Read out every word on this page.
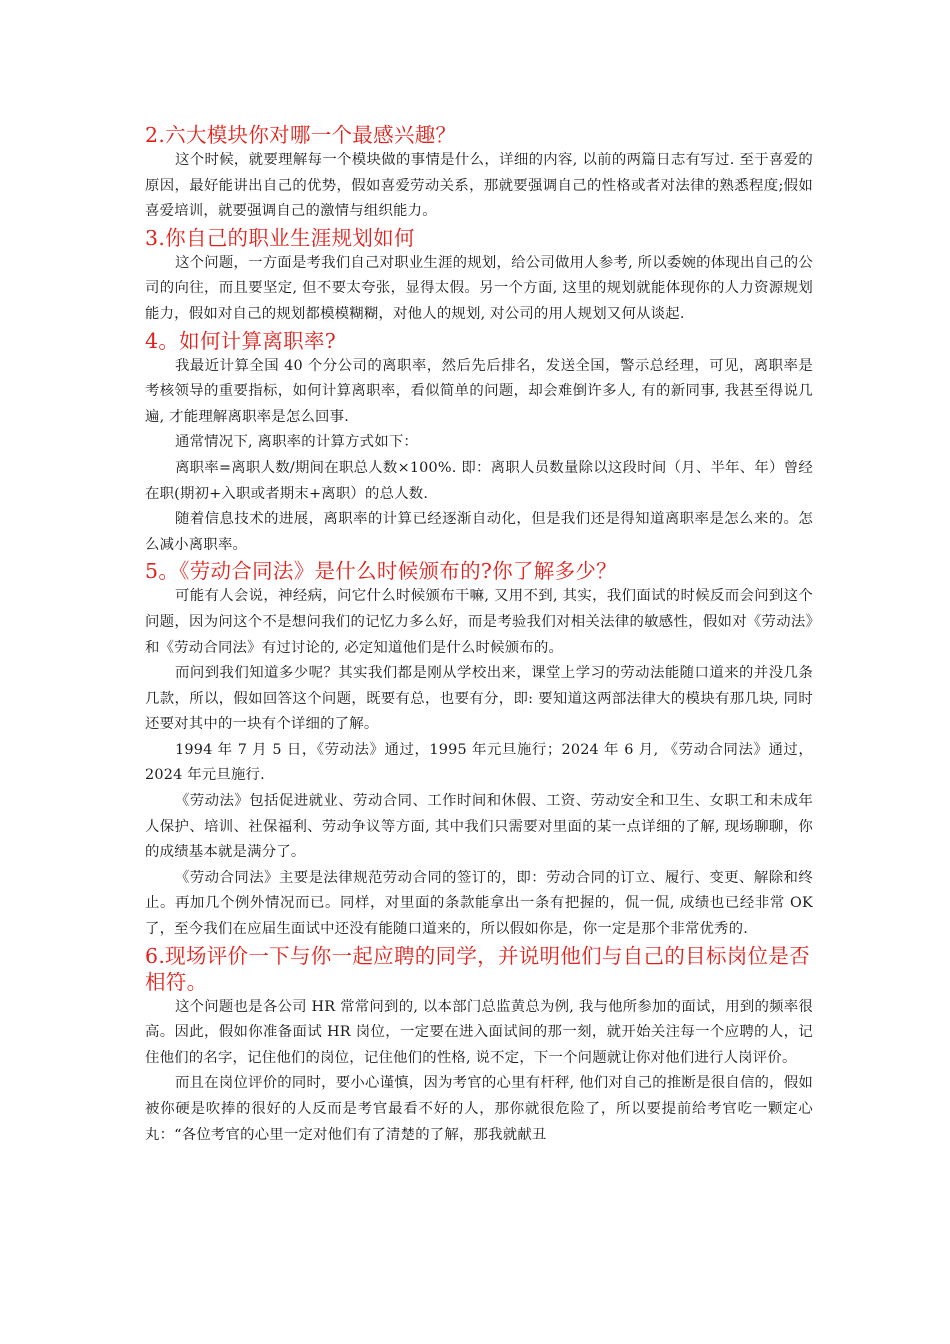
2.六大模块你对哪一个最感兴趣？

这个时候，就要理解每一个模块做的事情是什么，详细的内容, 以前的两篇日志有写过. 至于喜爱的原因，最好能讲出自己的优势，假如喜爱劳动关系，那就要强调自己的性格或者对法律的熟悉程度;假如喜爱培训，就要强调自己的激情与组织能力。

3.你自己的职业生涯规划如何

这个问题，一方面是考我们自己对职业生涯的规划，给公司做用人参考, 所以委婉的体现出自己的公司的向往，而且要坚定, 但不要太夸张，显得太假。另一个方面, 这里的规划就能体现你的人力资源规划能力，假如对自己的规划都模模糊糊，对他人的规划, 对公司的用人规划又何从谈起.

4。如何计算离职率?

我最近计算全国 40 个分公司的离职率，然后先后排名，发送全国，警示总经理，可见，离职率是考核领导的重要指标，如何计算离职率，看似简单的问题，却会难倒许多人, 有的新同事, 我甚至得说几遍, 才能理解离职率是怎么回事.

通常情况下, 离职率的计算方式如下：

离职率=离职人数/期间在职总人数×100%. 即：离职人员数量除以这段时间（月、半年、年）曾经在职(期初+入职或者期末+离职）的总人数.

随着信息技术的进展，离职率的计算已经逐渐自动化，但是我们还是得知道离职率是怎么来的。怎么减小离职率。

5。《劳动合同法》是什么时候颁布的?你了解多少？

可能有人会说，神经病，问它什么时候颁布干嘛, 又用不到, 其实，我们面试的时候反而会问到这个问题，因为问这个不是想问我们的记忆力多么好，而是考验我们对相关法律的敏感性，假如对《劳动法》和《劳动合同法》有过讨论的, 必定知道他们是什么时候颁布的。

而问到我们知道多少呢？其实我们都是刚从学校出来，课堂上学习的劳动法能随口道来的并没几条几款，所以，假如回答这个问题，既要有总，也要有分，即: 要知道这两部法律大的模块有那几块, 同时还要对其中的一块有个详细的了解。

1994 年 7 月 5 日，《劳动法》通过，1995 年元旦施行；2024 年 6 月, 《劳动合同法》通过，2024 年元旦施行.

《劳动法》包括促进就业、劳动合同、工作时间和休假、工资、劳动安全和卫生、女职工和未成年人保护、培训、社保福利、劳动争议等方面, 其中我们只需要对里面的某一点详细的了解, 现场聊聊，你的成绩基本就是满分了。

《劳动合同法》主要是法律规范劳动合同的签订的，即：劳动合同的订立、履行、变更、解除和终止。再加几个例外情况而已。同样，对里面的条款能拿出一条有把握的，侃一侃, 成绩也已经非常 OK 了，至今我们在应届生面试中还没有能随口道来的，所以假如你是，你一定是那个非常优秀的.

6.现场评价一下与你一起应聘的同学，并说明他们与自己的目标岗位是否相符。

这个问题也是各公司 HR 常常问到的, 以本部门总监黄总为例, 我与他所参加的面试，用到的频率很高。因此，假如你准备面试 HR 岗位，一定要在进入面试间的那一刻，就开始关注每一个应聘的人，记住他们的名字，记住他们的岗位，记住他们的性格, 说不定，下一个问题就让你对他们进行人岗评价。

而且在岗位评价的同时，要小心谨慎，因为考官的心里有杆秤, 他们对自己的推断是很自信的，假如被你硬是吹捧的很好的人反而是考官最看不好的人，那你就很危险了，所以要提前给考官吃一颗定心丸：“各位考官的心里一定对他们有了清楚的了解，那我就献丑
